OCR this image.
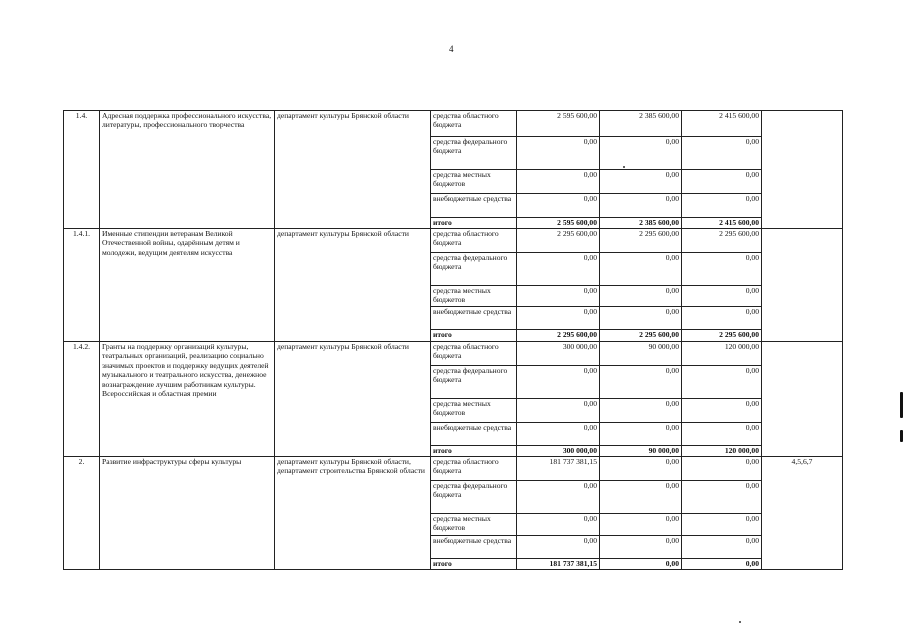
4
1.4.	Адресная поддержка профессионального искусства, литературы, профессионального творчества	департамент культуры Брянской области	средства областного бюджета	2 595 600,00	2 385 600,00	2 415 600,00	
			средства федерального бюджета	0,00	0,00	0,00	
			средства местных бюджетов	0,00	0,00	0,00	
			внебюджетные средства	0,00	0,00	0,00	
			итого	2 595 600,00	2 385 600,00	2 415 600,00	
1.4.1.	Именные стипендии ветеранам Великой Отечественной войны, одарённым детям и молодежи, ведущим деятелям искусства	департамент культуры Брянской области	средства областного бюджета	2 295 600,00	2 295 600,00	2 295 600,00	
			средства федерального бюджета	0,00	0,00	0,00	
			средства местных бюджетов	0,00	0,00	0,00	
			внебюджетные средства	0,00	0,00	0,00	
			итого	2 295 600,00	2 295 600,00	2 295 600,00	
1.4.2.	Гранты на поддержку организаций культуры, театральных организаций, реализацию социально значимых проектов и поддержку ведущих деятелей музыкального и театрального искусства, денежное вознаграждение лучшим работникам культуры. Всероссийская и областная премии	департамент культуры Брянской области	средства областного бюджета	300 000,00	90 000,00	120 000,00	
			средства федерального бюджета	0,00	0,00	0,00	
			средства местных бюджетов	0,00	0,00	0,00	
			внебюджетные средства	0,00	0,00	0,00	
			итого	300 000,00	90 000,00	120 000,00	
2.	Развитие инфраструктуры сферы культуры	департамент культуры Брянской области, департамент строительства Брянской области	средства областного бюджета	181 737 381,15	0,00	0,00	4,5,6,7
			средства федерального бюджета	0,00	0,00	0,00	
			средства местных бюджетов	0,00	0,00	0,00	
			внебюджетные средства	0,00	0,00	0,00	
			итого	181 737 381,15	0,00	0,00	
